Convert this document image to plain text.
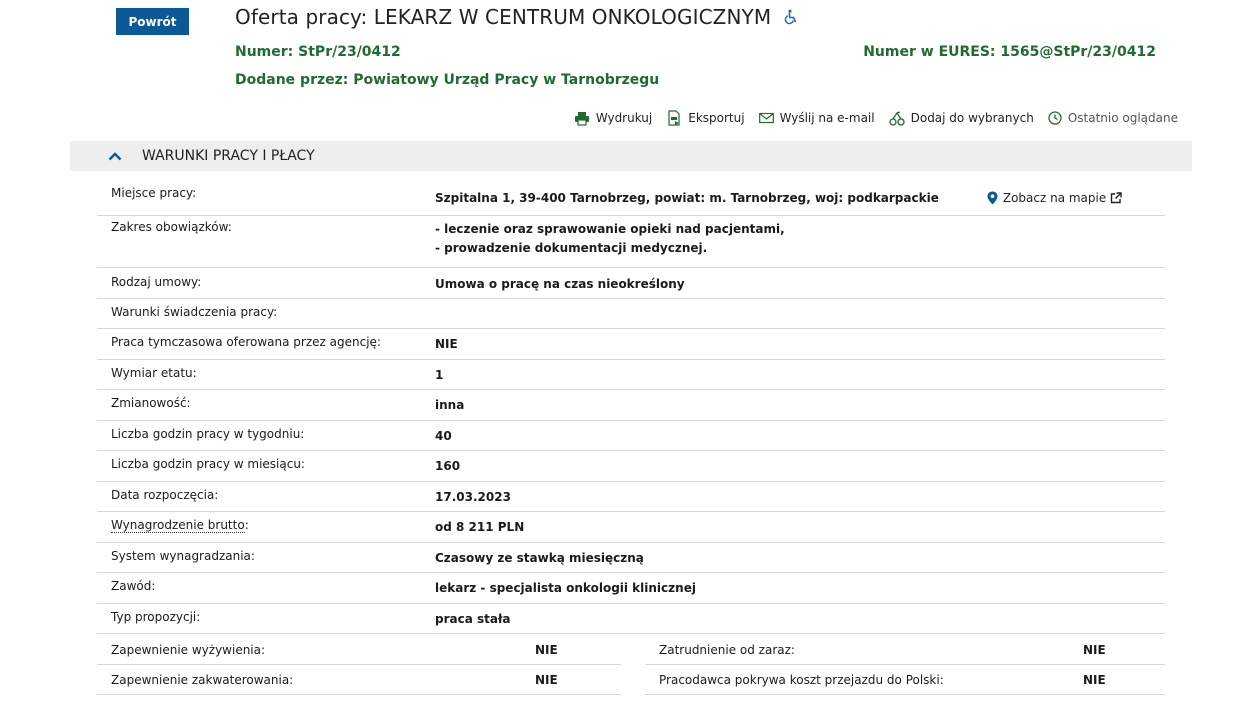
Powrót	Oferta pracy: LEKARZ W CENTRUM ONKOLOGICZNYM
Numer: StPr/23/0412	Numer w EURES: 1565@StPr/23/0412
Dodane przez: Powiatowy Urząd Pracy w Tarnobrzegu
Wydrukuj	Eksportuj	Wyślij na e-mail	Dodaj do wybranych	Ostatnio oglądane
WARUNKI PRACY I PŁACY
Miejsce pracy:	Szpitalna 1, 39-400 Tarnobrzeg, powiat: m. Tarnobrzeg, woj: podkarpackie	Zobacz na mapie
Zakres obowiązków:	- leczenie oraz sprawowanie opieki nad pacjentami,
- prowadzenie dokumentacji medycznej.
Rodzaj umowy:	Umowa o pracę na czas nieokreślony
Warunki świadczenia pracy:
Praca tymczasowa oferowana przez agencję:	NIE
Wymiar etatu:	1
Zmianowość:	inna
Liczba godzin pracy w tygodniu:	40
Liczba godzin pracy w miesiącu:	160
Data rozpoczęcia:	17.03.2023
Wynagrodzenie brutto:	od 8 211 PLN
System wynagradzania:	Czasowy ze stawką miesięczną
Zawód:	lekarz - specjalista onkologii klinicznej
Typ propozycji:	praca stała
Zapewnienie wyżywienia:	NIE	Zatrudnienie od zaraz:	NIE
Zapewnienie zakwaterowania:	NIE	Pracodawca pokrywa koszt przejazdu do Polski:	NIE
